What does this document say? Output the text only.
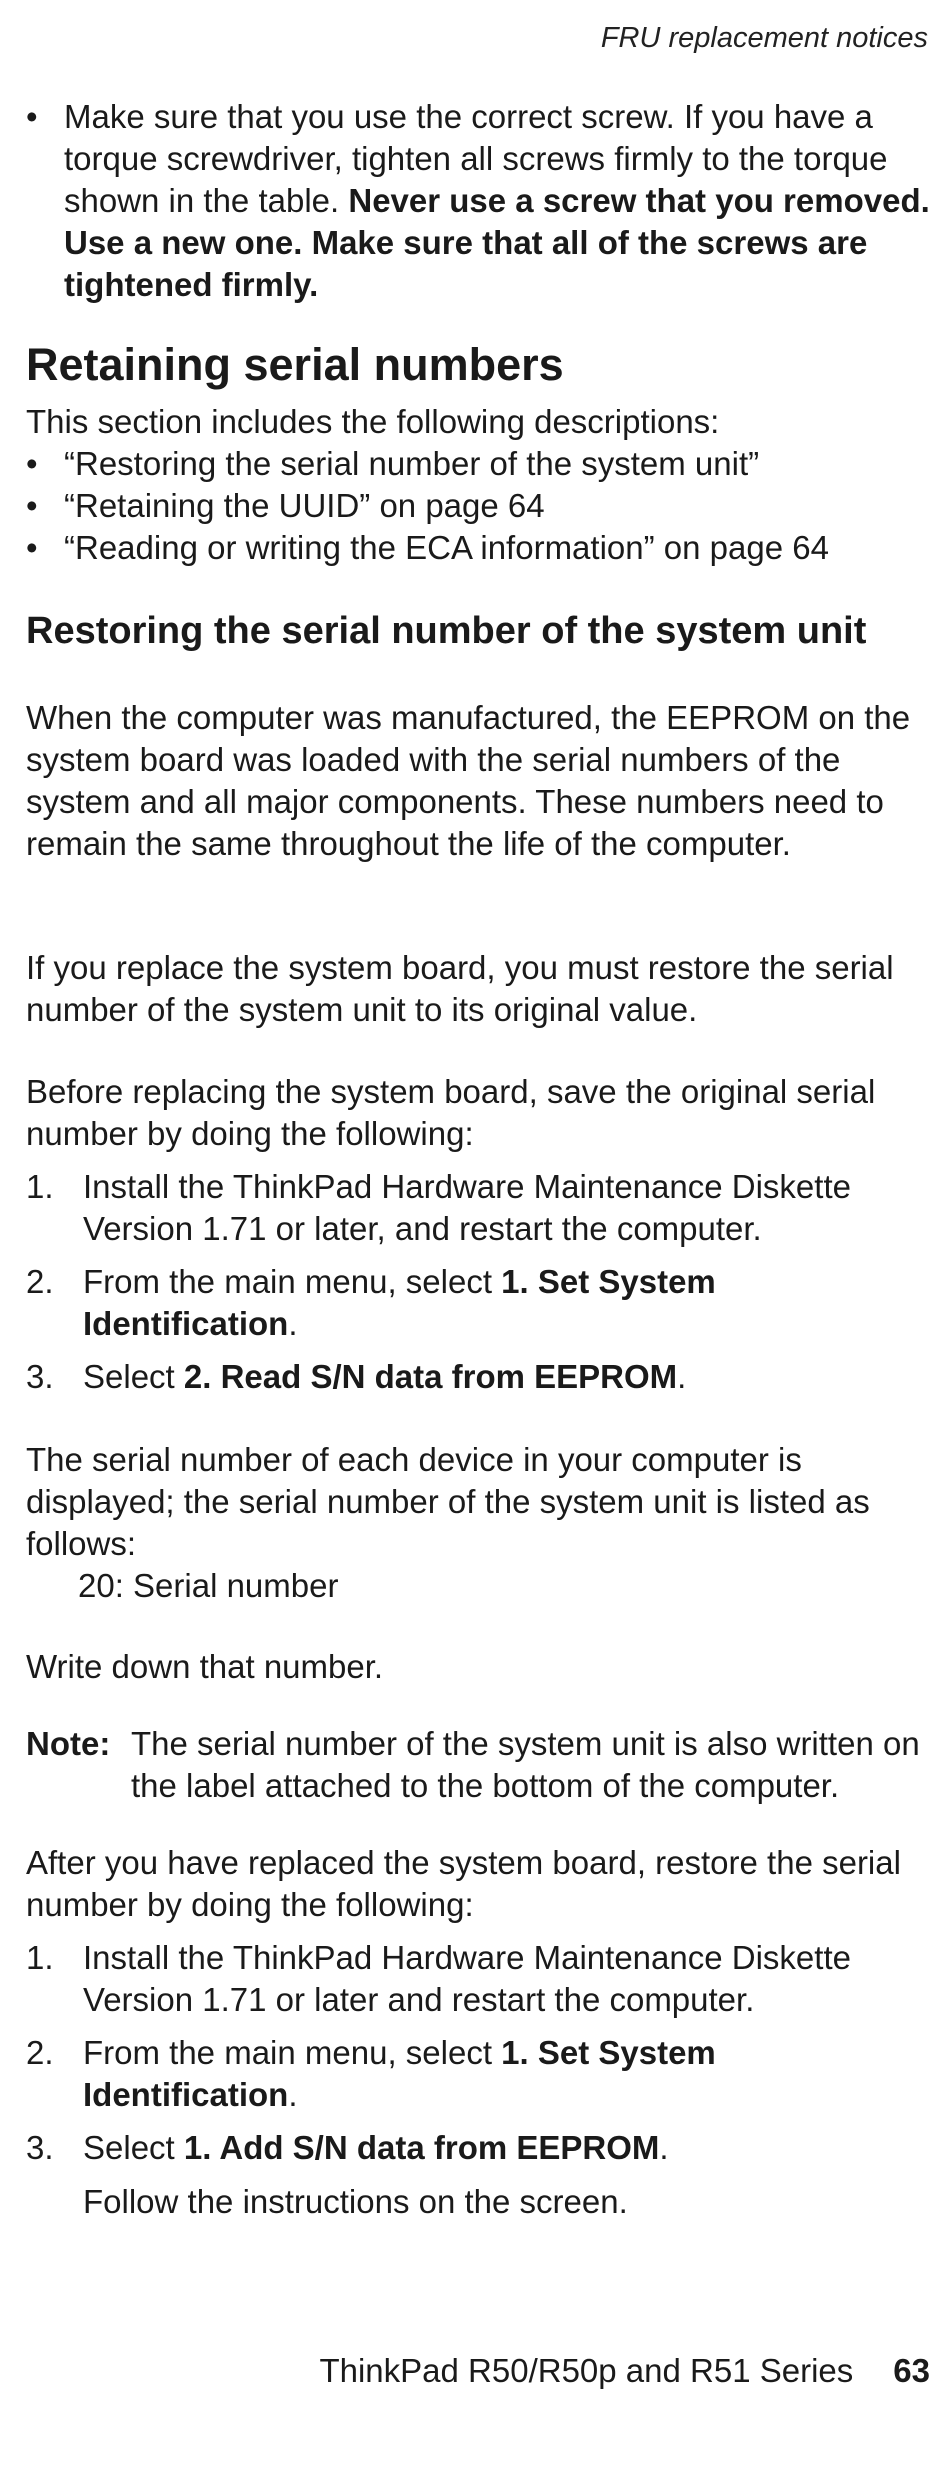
FRU replacement notices
• Make sure that you use the correct screw. If you have a torque screwdriver, tighten all screws firmly to the torque shown in the table. Never use a screw that you removed. Use a new one. Make sure that all of the screws are tightened firmly.
Retaining serial numbers

This section includes the following descriptions:

• “Restoring the serial number of the system unit”
• “Retaining the UUID” on page 64
• “Reading or writing the ECA information” on page 64
Restoring the serial number of the system unit

When the computer was manufactured, the EEPROM on the system board was loaded with the serial numbers of the system and all major components. These numbers need to remain the same throughout the life of the computer.

If you replace the system board, you must restore the serial number of the system unit to its original value.

Before replacing the system board, save the original serial number by doing the following:

1. Install the ThinkPad Hardware Maintenance Diskette Version 1.71 or later, and restart the computer.
2. From the main menu, select 1. Set System Identification.
3. Select 2. Read S/N data from EEPROM.

The serial number of each device in your computer is displayed; the serial number of the system unit is listed as follows:

20: Serial number

Write down that number.

Note: The serial number of the system unit is also written on the label attached to the bottom of the computer.

After you have replaced the system board, restore the serial number by doing the following:

1. Install the ThinkPad Hardware Maintenance Diskette Version 1.71 or later and restart the computer.
2. From the main menu, select 1. Set System Identification.
3. Select 1. Add S/N data from EEPROM.

Follow the instructions on the screen.

ThinkPad R50/R50p and R51 Series 63
